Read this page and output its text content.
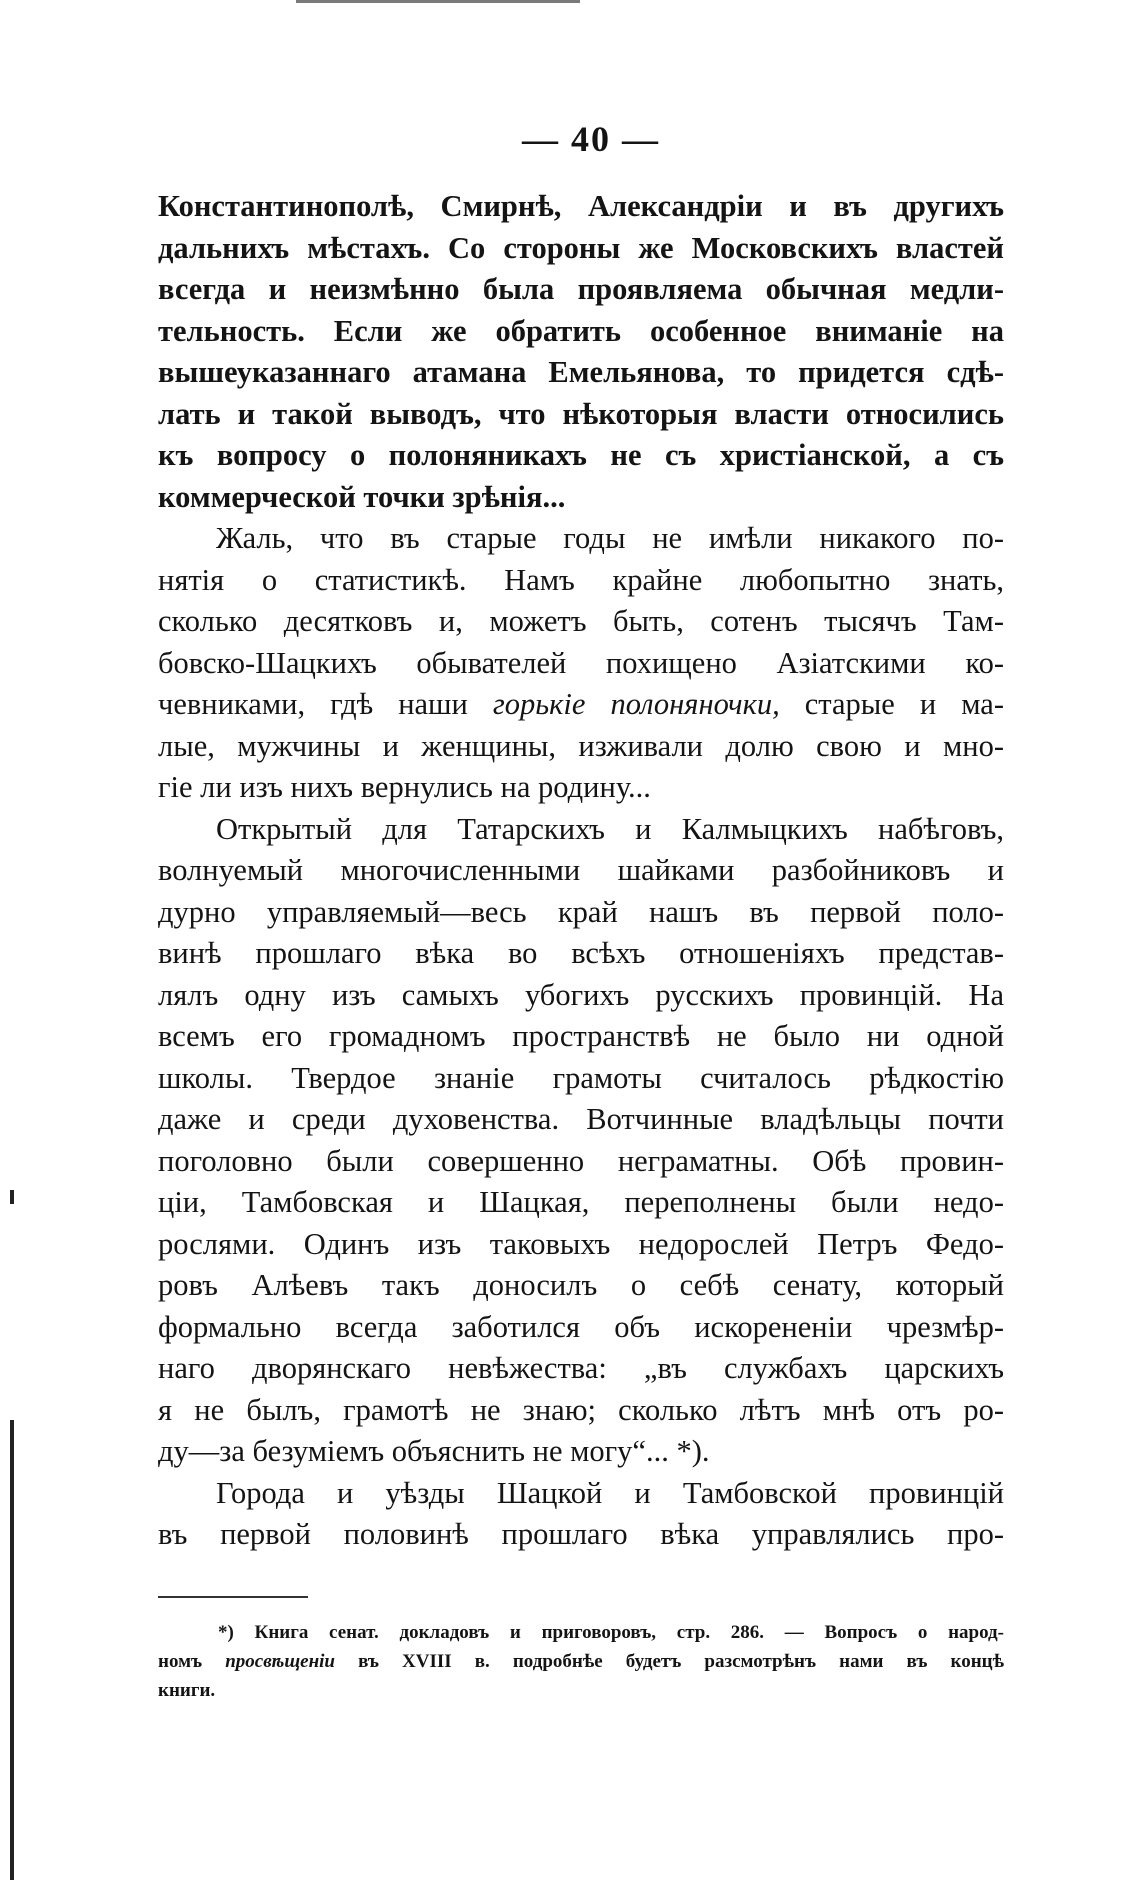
— 40 —

Константинополѣ, Смирнѣ, Александріи и въ другихъ
дальнихъ мѣстахъ. Со стороны же Московскихъ властей
всегда и неизмѣнно была проявляема обычная медли-
тельность. Если же обратить особенное вниманіе на
вышеуказаннаго атамана Емельянова, то придется сдѣ-
лать и такой выводъ, что нѣкоторыя власти относились
къ вопросу о полоняникахъ не съ христіанской, а съ
коммерческой точки зрѣнія...

Жаль, что въ старые годы не имѣли никакого по-
нятія о статистикѣ. Намъ крайне любопытно знать,
сколько десятковъ и, можетъ быть, сотенъ тысячъ Там-
бовско-Шацкихъ обывателей похищено Азіатскими ко-
чевниками, гдѣ наши горькіе полоняночки, старые и ма-
лые, мужчины и женщины, изживали долю свою и мно-
гіе ли изъ нихъ вернулись на родину...

Открытый для Татарскихъ и Калмыцкихъ набѣговъ,
волнуемый многочисленными шайками разбойниковъ и
дурно управляемый—весь край нашъ въ первой поло-
винѣ прошлаго вѣка во всѣхъ отношеніяхъ представ-
лялъ одну изъ самыхъ убогихъ русскихъ провинцій. На
всемъ его громадномъ пространствѣ не было ни одной
школы. Твердое знаніе грамоты считалось рѣдкостію
даже и среди духовенства. Вотчинные владѣльцы почти
поголовно были совершенно неграматны. Обѣ провин-
ціи, Тамбовская и Шацкая, переполнены были недо-
рослями. Одинъ изъ таковыхъ недорослей Петръ Федо-
ровъ Алѣевъ такъ доносилъ о себѣ сенату, который
формально всегда заботился объ искорененіи чрезмѣр-
наго дворянскаго невѣжества: „въ службахъ царскихъ
я не былъ, грамотѣ не знаю; сколько лѣтъ мнѣ отъ ро-
ду—за безуміемъ объяснить не могу“... *).

Города и уѣзды Шацкой и Тамбовской провинцій
въ первой половинѣ прошлаго вѣка управлялись про-

*) Книга сенат. докладовъ и приговоровъ, стр. 286. — Вопросъ о народ-
номъ просвѣщеніи въ XVIII в. подробнѣе будетъ разсмотрѣнъ нами въ концѣ
книги.
